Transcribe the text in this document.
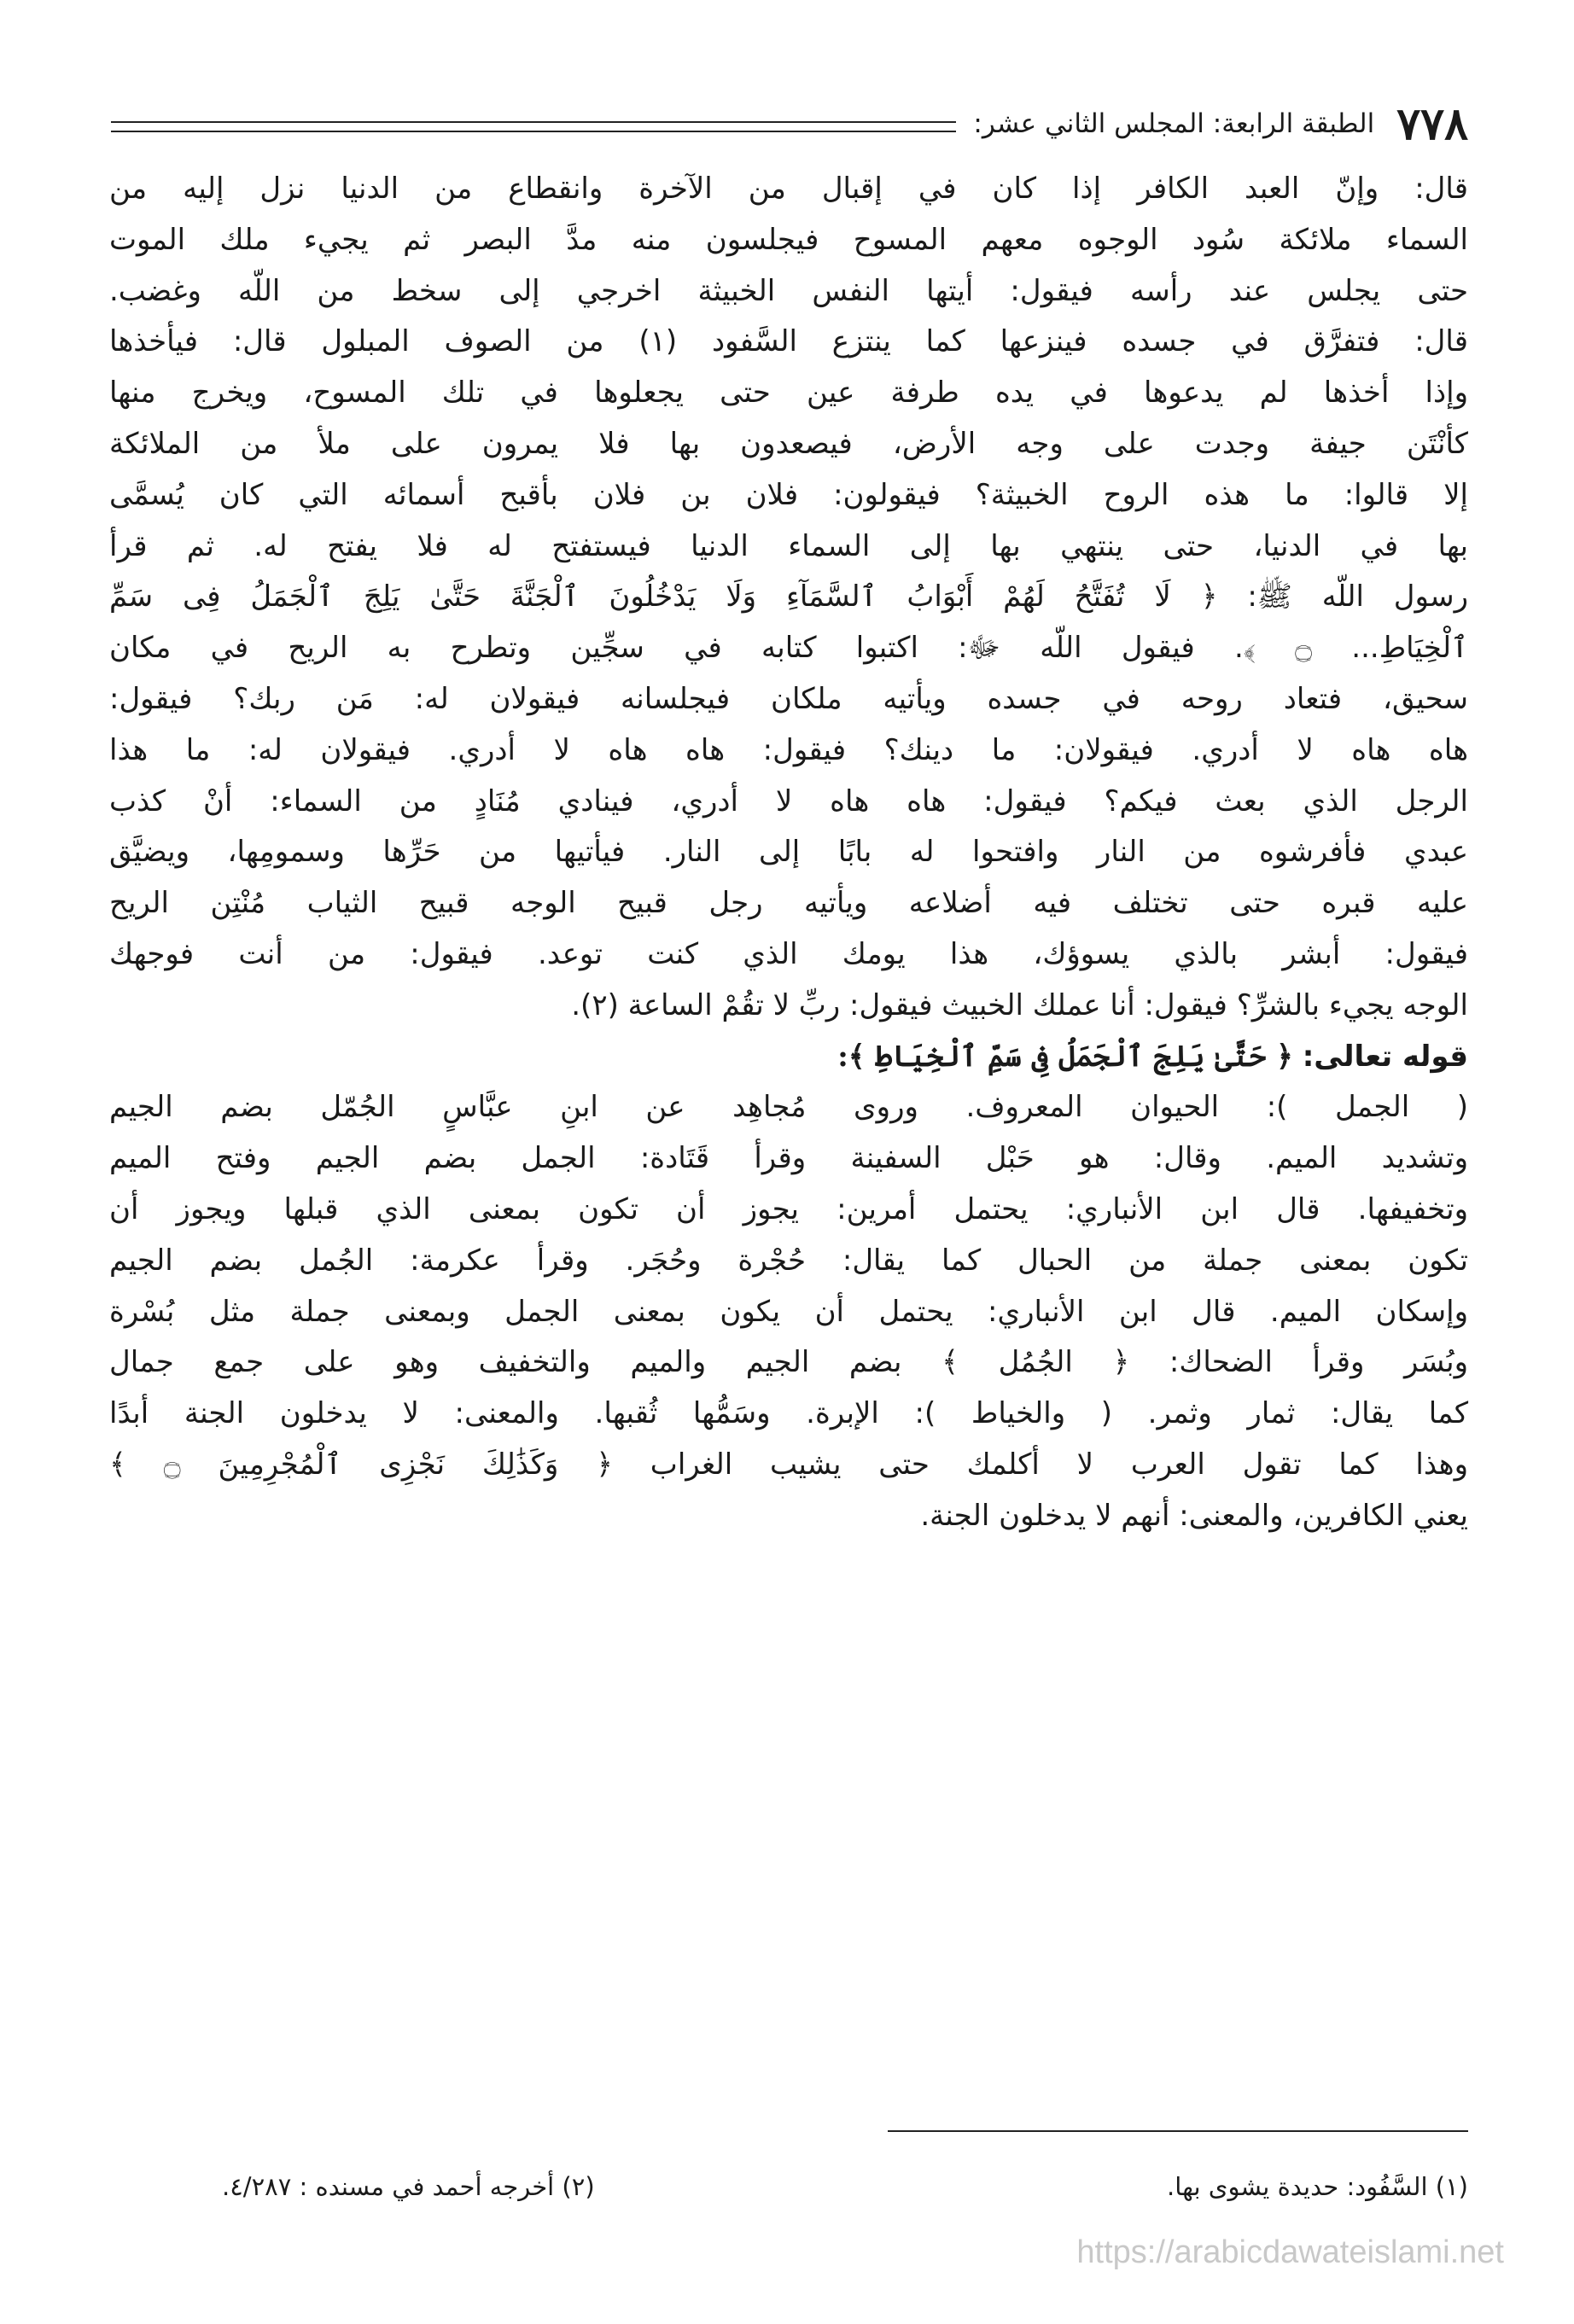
٧٧٨
الطبقة الرابعة: المجلس الثاني عشر:
قال: وإنّ العبد الكافر إذا كان في إقبال من الآخرة وانقطاع من الدنيا نزل إليه من
السماء ملائكة سُود الوجوه معهم المسوح فيجلسون منه مدَّ البصر ثم يجيء ملك الموت
حتى يجلس عند رأسه فيقول: أيتها النفس الخبيثة اخرجي إلى سخط من اللّه وغضب.
قال: فتفرَّق في جسده فينزعها كما ينتزع السَّفود (١) من الصوف المبلول قال: فيأخذها
وإذا أخذها لم يدعوها في يده طرفة عين حتى يجعلوها في تلك المسوح، ويخرج منها
كأنْتَن جيفة وجدت على وجه الأرض، فيصعدون بها فلا يمرون على ملأ من الملائكة
إلا قالوا: ما هذه الروح الخبيثة؟ فيقولون: فلان بن فلان بأقبح أسمائه التي كان يُسمَّى
بها في الدنيا، حتى ينتهي بها إلى السماء الدنيا فيستفتح له فلا يفتح له. ثم قرأ
رسول اللّه ﷺ: ﴿ لَا تُفَتَّحُ لَهُمْ أَبْوَابُ ٱلسَّمَآءِ وَلَا يَدْخُلُونَ ٱلْجَنَّةَ حَتَّىٰ يَلِجَ ٱلْجَمَلُ فِى سَمِّ
ٱلْخِيَاطِ... ۝ ﴾. فيقول اللّه ﷻ: اكتبوا كتابه في سجِّين وتطرح به الريح في مكان
سحيق، فتعاد روحه في جسده ويأتيه ملكان فيجلسانه فيقولان له: مَن ربك؟ فيقول:
هاه هاه لا أدري. فيقولان: ما دينك؟ فيقول: هاه هاه لا أدري. فيقولان له: ما هذا
الرجل الذي بعث فيكم؟ فيقول: هاه هاه لا أدري، فينادي مُنَادٍ من السماء: أنْ كذب
عبدي فأفرشوه من النار وافتحوا له بابًا إلى النار. فيأتيها من حَرِّها وسمومِها، ويضيَّق
عليه قبره حتى تختلف فيه أضلاعه ويأتيه رجل قبيح الوجه قبيح الثياب مُنْتِن الريح
فيقول: أبشر بالذي يسوؤك، هذا يومك الذي كنت توعد. فيقول: من أنت فوجهك
الوجه يجيء بالشرِّ؟ فيقول: أنا عملك الخبيث فيقول: ربِّ لا تقُمْ الساعة (٢).
قوله تعالى: ﴿ حَتَّىٰ يَلِجَ ٱلْجَمَلُ فِى سَمِّ ٱلْخِيَاطِ ﴾:
( الجمل ): الحيوان المعروف. وروى مُجاهِد عن ابنِ عبَّاسٍ الجُمّل بضم الجيم
وتشديد الميم. وقال: هو حَبْل السفينة وقرأ قَتَادة: الجمل بضم الجيم وفتح الميم
وتخفيفها. قال ابن الأنباري: يحتمل أمرين: يجوز أن تكون بمعنى الذي قبلها ويجوز أن
تكون بمعنى جملة من الحبال كما يقال: حُجْرة وحُجَر. وقرأ عكرمة: الجُمل بضم الجيم
وإسكان الميم. قال ابن الأنباري: يحتمل أن يكون بمعنى الجمل وبمعنى جملة مثل بُسْرة
وبُسَر وقرأ الضحاك: ﴿ الجُمُل ﴾ بضم الجيم والميم والتخفيف وهو على جمع جمال
كما يقال: ثمار وثمر. ( والخياط ): الإبرة. وسَمُّها ثُقبها. والمعنى: لا يدخلون الجنة أبدًا
وهذا كما تقول العرب لا أكلمك حتى يشيب الغراب ﴿ وَكَذَٰلِكَ نَجْزِى ٱلْمُجْرِمِينَ ۝ ﴾
يعني الكافرين، والمعنى: أنهم لا يدخلون الجنة.
(١) السَّفُود: حديدة يشوى بها.
(٢) أخرجه أحمد في مسنده : ٤/٢٨٧.
https://arabicdawateislami.net
